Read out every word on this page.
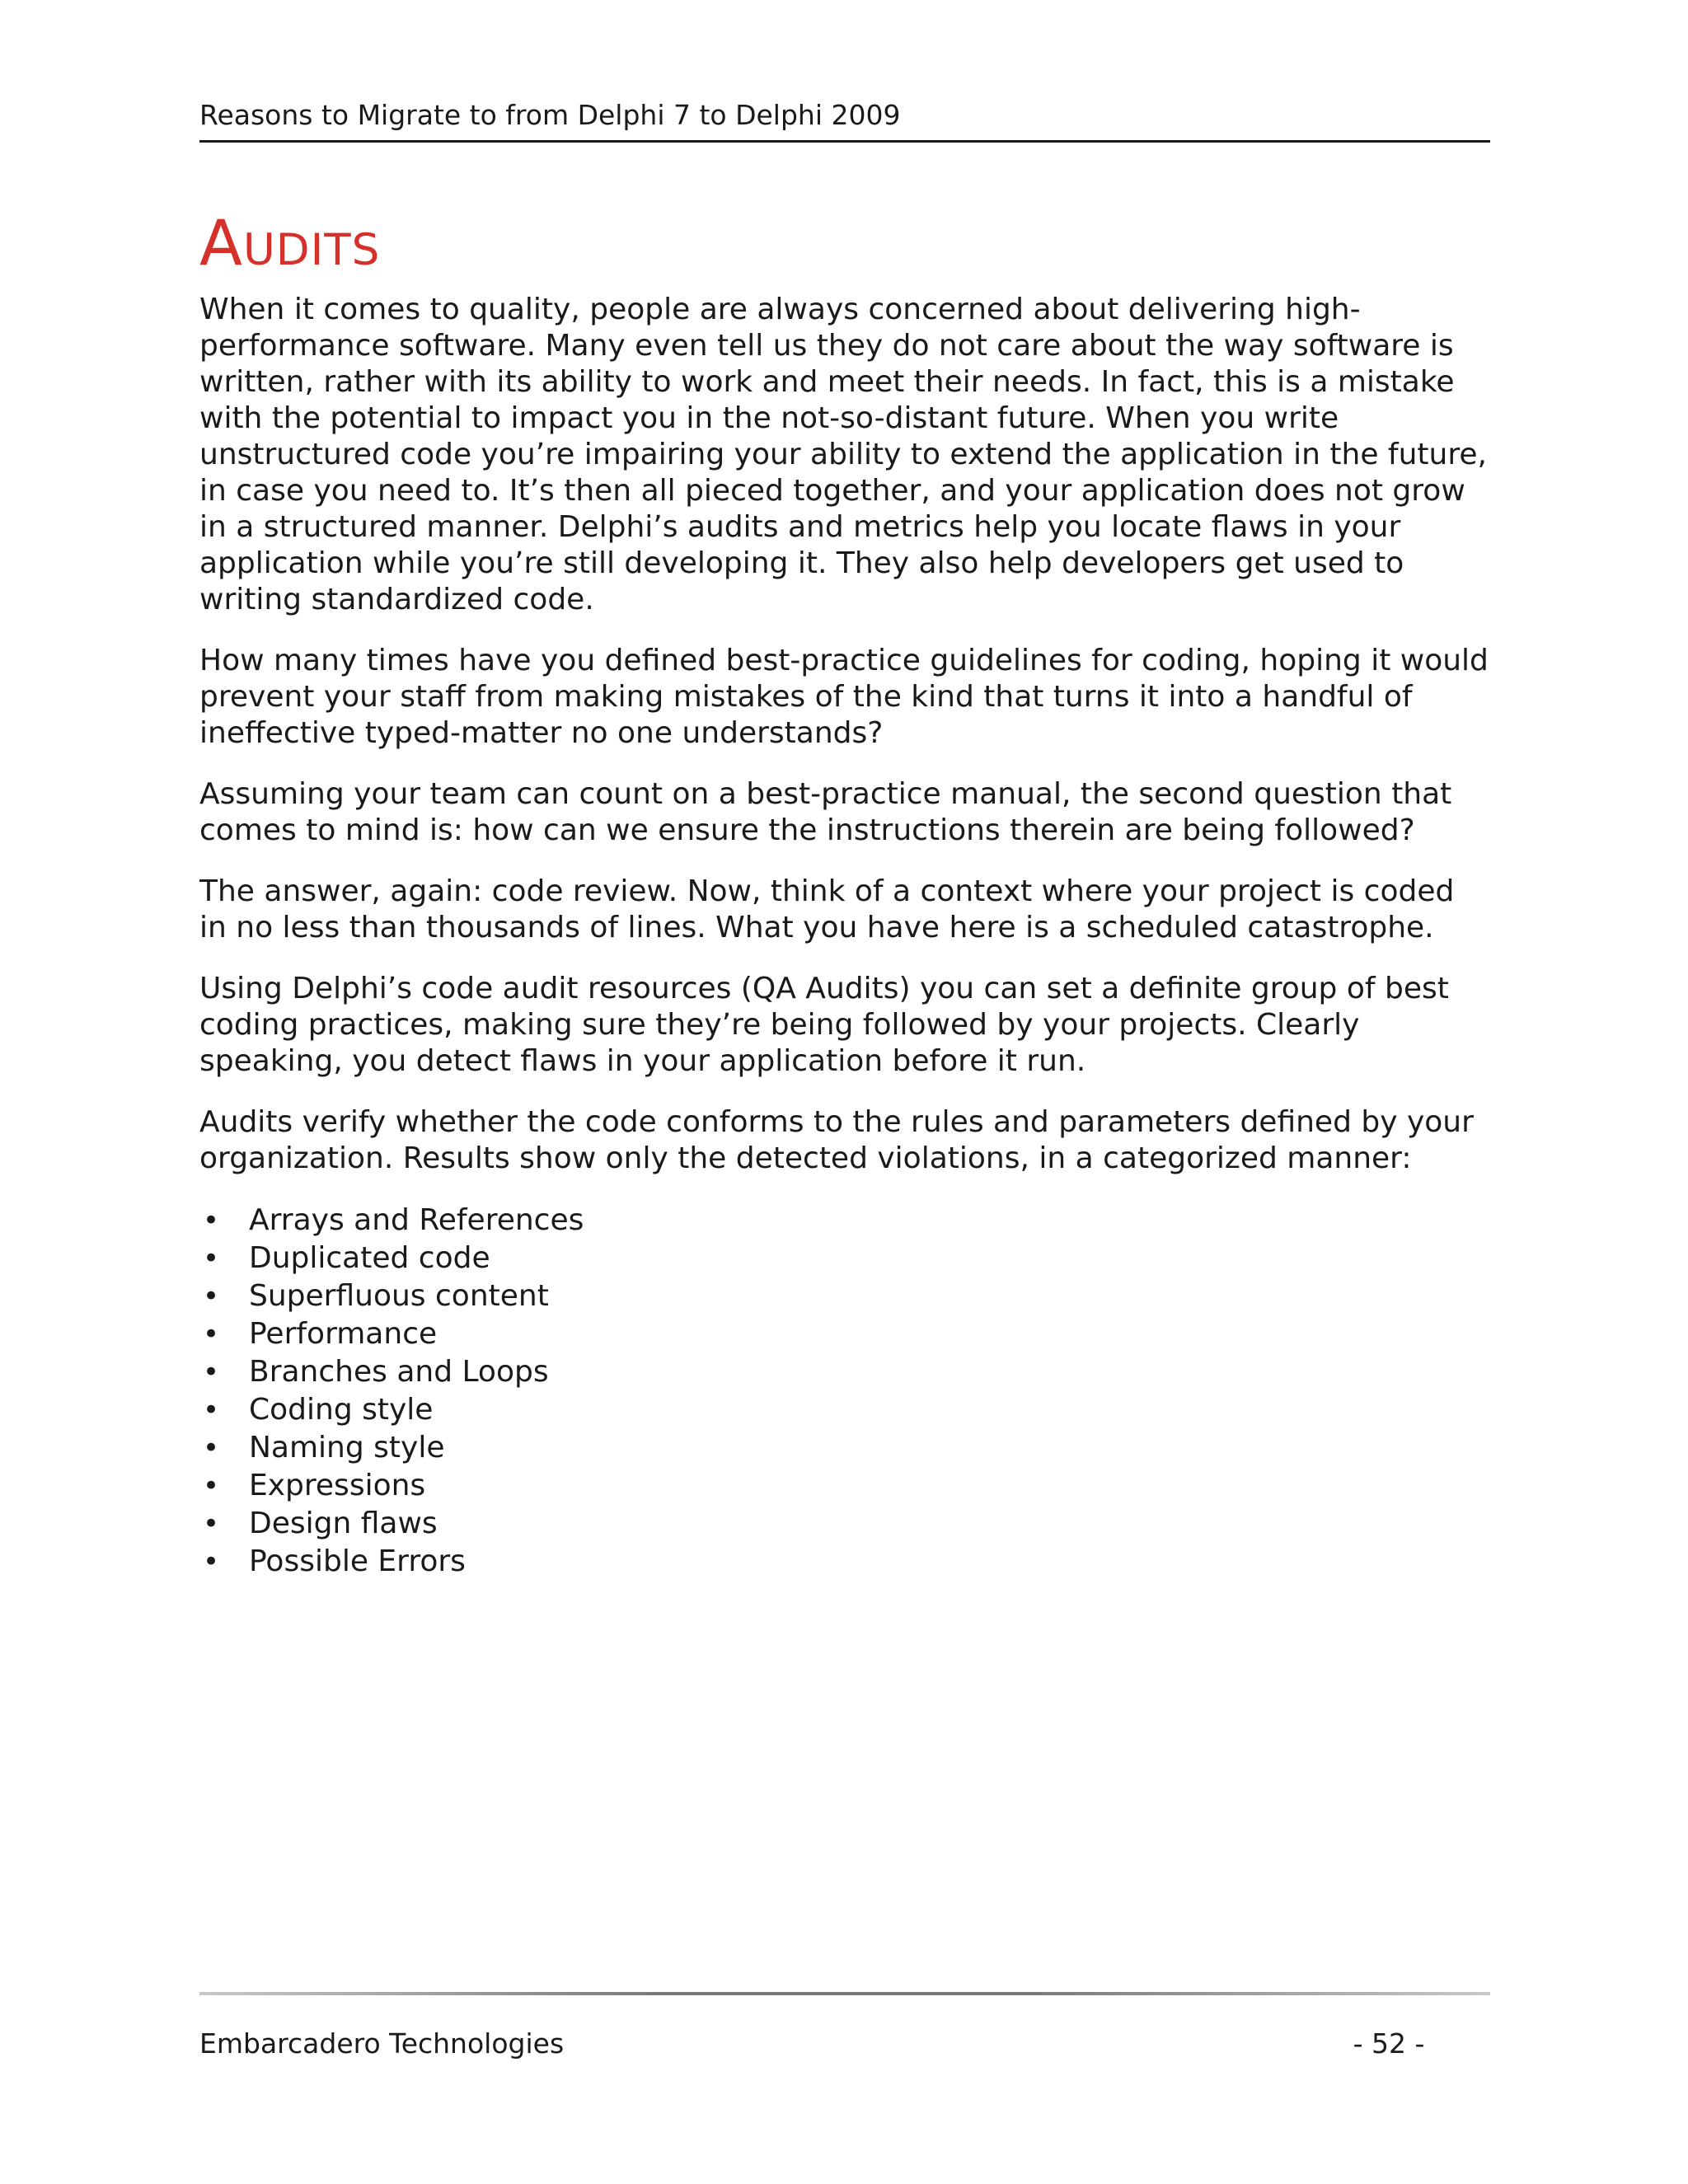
Reasons to Migrate to from Delphi 7 to Delphi 2009
Audits

When it comes to quality, people are always concerned about delivering high-performance software. Many even tell us they do not care about the way software is written, rather with its ability to work and meet their needs. In fact, this is a mistake with the potential to impact you in the not-so-distant future. When you write unstructured code you’re impairing your ability to extend the application in the future, in case you need to. It’s then all pieced together, and your application does not grow in a structured manner. Delphi’s audits and metrics help you locate flaws in your application while you’re still developing it. They also help developers get used to writing standardized code.

How many times have you defined best-practice guidelines for coding, hoping it would prevent your staff from making mistakes of the kind that turns it into a handful of ineffective typed-matter no one understands?

Assuming your team can count on a best-practice manual, the second question that comes to mind is: how can we ensure the instructions therein are being followed?

The answer, again: code review. Now, think of a context where your project is coded in no less than thousands of lines. What you have here is a scheduled catastrophe.

Using Delphi’s code audit resources (QA Audits) you can set a definite group of best coding practices, making sure they’re being followed by your projects. Clearly speaking, you detect flaws in your application before it run.

Audits verify whether the code conforms to the rules and parameters defined by your organization. Results show only the detected violations, in a categorized manner:

• Arrays and References
• Duplicated code
• Superfluous content
• Performance
• Branches and Loops
• Coding style
• Naming style
• Expressions
• Design flaws
• Possible Errors
Embarcadero Technologies	- 52 -
